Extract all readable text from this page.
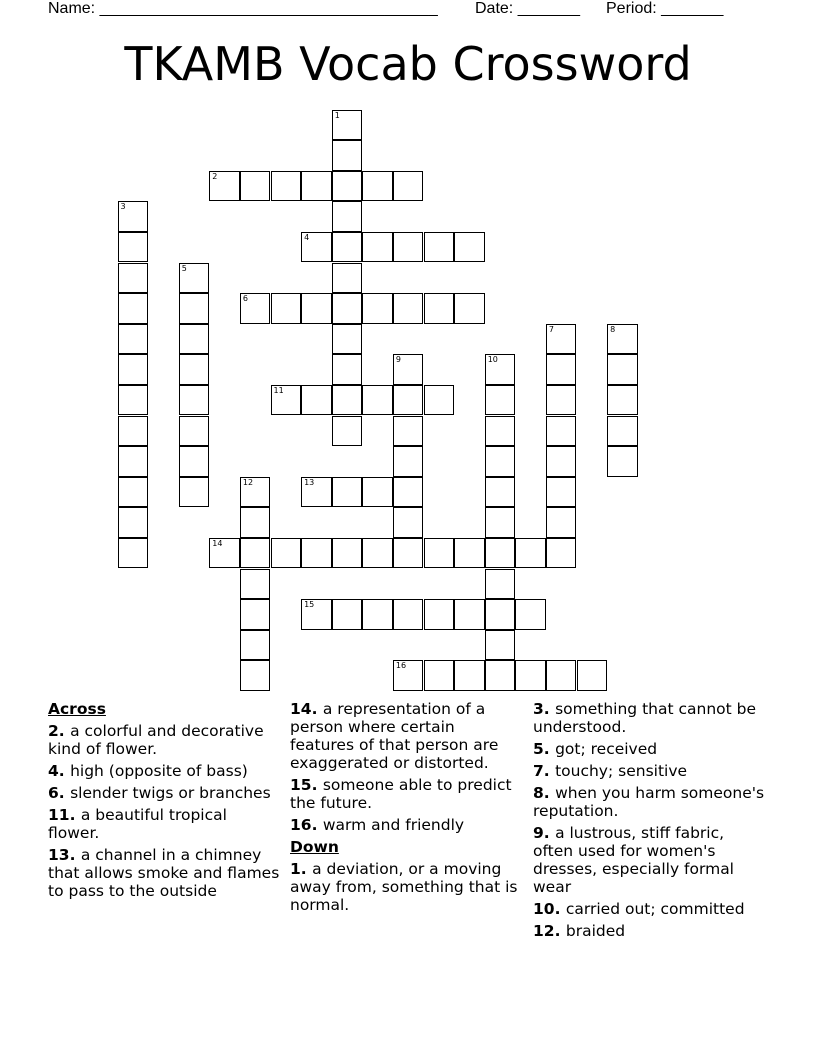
Name: ______________________________________ Date: _______ Period: _______
TKAMB Vocab Crossword
1
2
3
4
5
6
7	8
9	10
11
12	13
14
15
16
Across
2. a colorful and decorative kind of flower.
4. high (opposite of bass)
6. slender twigs or branches
11. a beautiful tropical flower.
13. a channel in a chimney that allows smoke and flames to pass to the outside
14. a representation of a person where certain features of that person are exaggerated or distorted.
15. someone able to predict the future.
16. warm and friendly
Down
1. a deviation, or a moving away from, something that is normal.
3. something that cannot be understood.
5. got; received
7. touchy; sensitive
8. when you harm someone's reputation.
9. a lustrous, stiff fabric, often used for women's dresses, especially formal wear
10. carried out; committed
12. braided
